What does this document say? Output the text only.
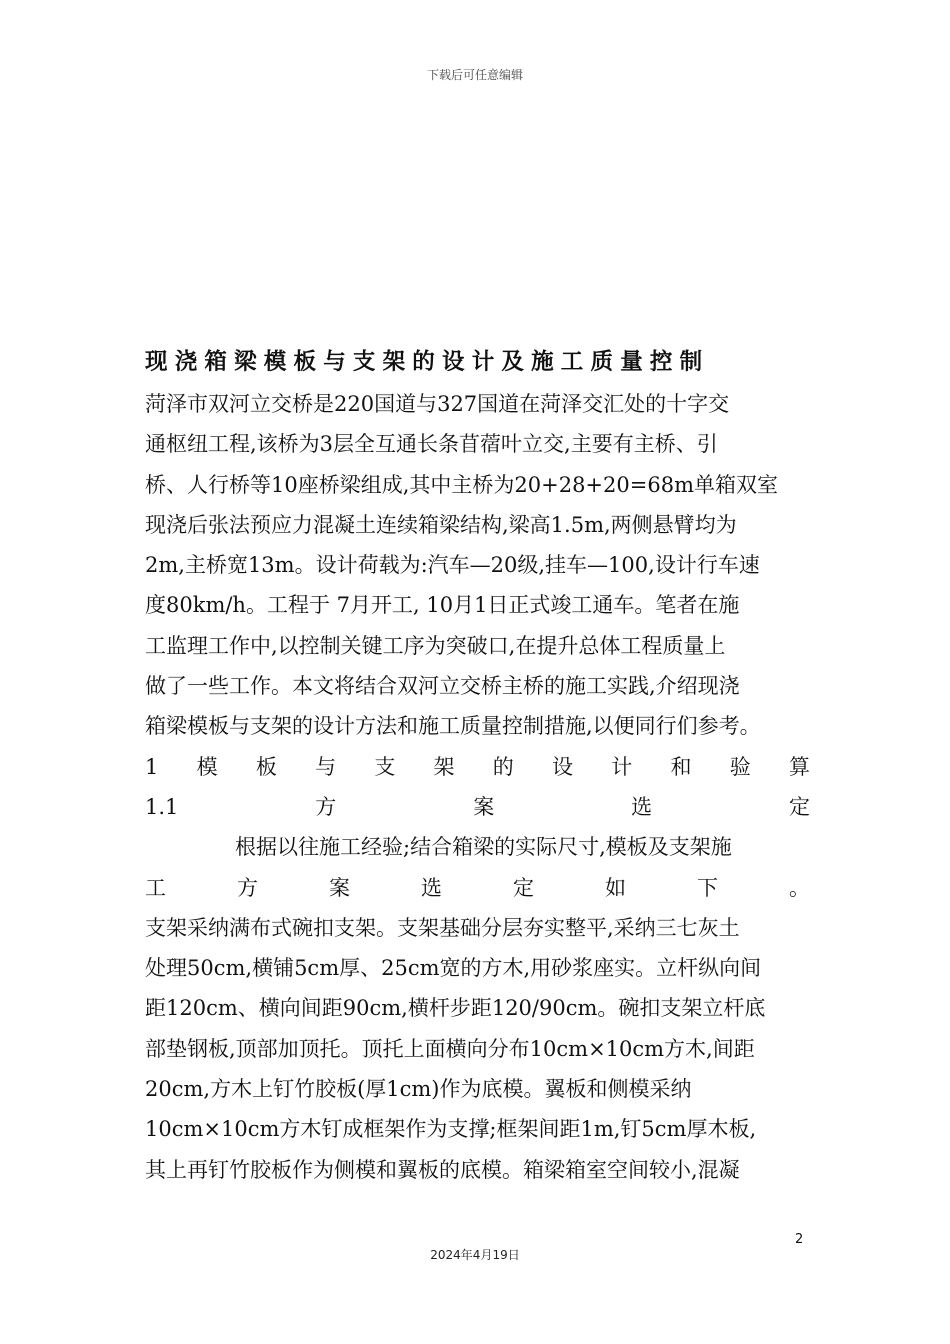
下载后可任意编辑
现浇箱梁模板与支架的设计及施工质量控制
菏泽市双河立交桥是220国道与327国道在菏泽交汇处的十字交
通枢纽工程,该桥为3层全互通长条苜蓿叶立交,主要有主桥、引
桥、人行桥等10座桥梁组成,其中主桥为20+28+20=68m单箱双室
现浇后张法预应力混凝土连续箱梁结构,梁高1.5m,两侧悬臂均为
2m,主桥宽13m。设计荷载为:汽车—20级,挂车—100,设计行车速
度80km/h。工程于 7月开工, 10月1日正式竣工通车。笔者在施
工监理工作中,以控制关键工序为突破口,在提升总体工程质量上
做了一些工作。本文将结合双河立交桥主桥的施工实践,介绍现浇
箱梁模板与支架的设计方法和施工质量控制措施,以便同行们参考。
1 模 板 与 支 架 的 设 计 和 验 算
1.1	方	案	选	定
根据以往施工经验;结合箱梁的实际尺寸,模板及支架施
工	方	案	选	定	如	下	。
支架采纳满布式碗扣支架。支架基础分层夯实整平,采纳三七灰土
处理50cm,横铺5cm厚、25cm宽的方木,用砂浆座实。立杆纵向间
距120cm、横向间距90cm,横杆步距120/90cm。碗扣支架立杆底
部垫钢板,顶部加顶托。顶托上面横向分布10cm×10cm方木,间距
20cm,方木上钉竹胶板(厚1cm)作为底模。翼板和侧模采纳
10cm×10cm方木钉成框架作为支撑;框架间距1m,钉5cm厚木板,
其上再钉竹胶板作为侧模和翼板的底模。箱梁箱室空间较小,混凝
2
2024年4月19日
